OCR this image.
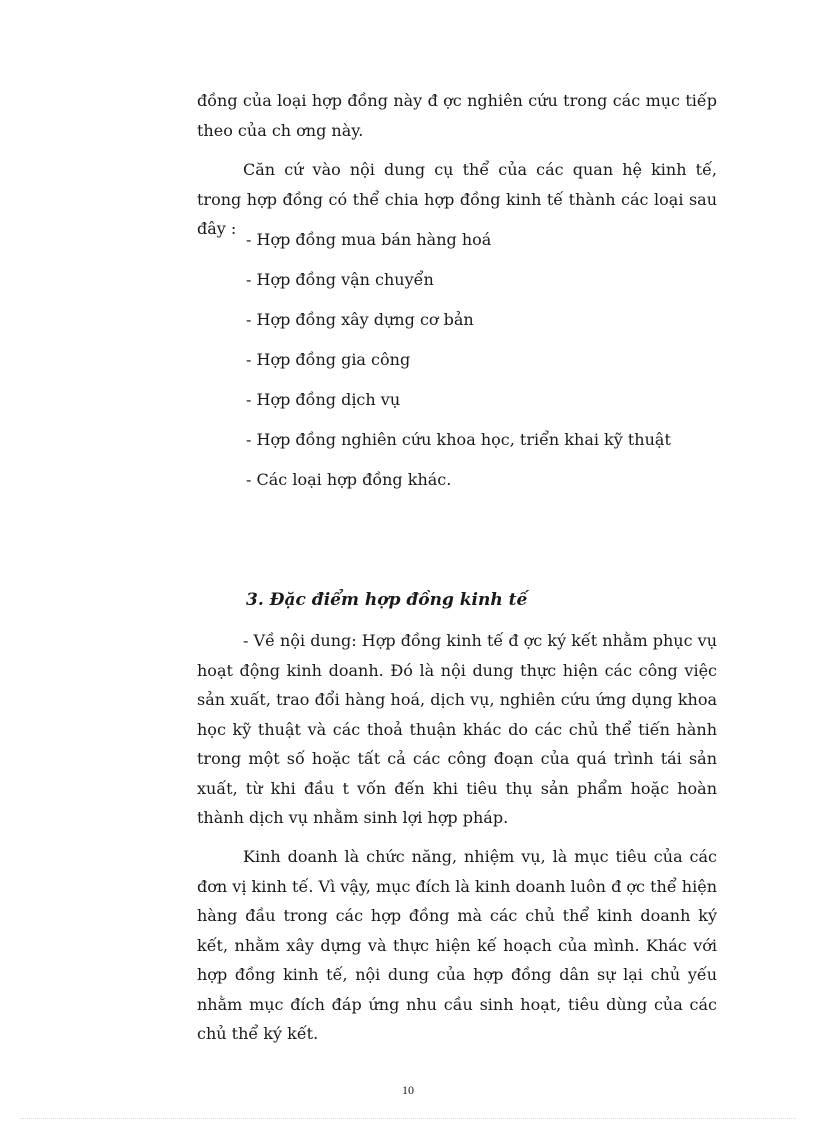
đồng của loại hợp đồng này đ ợc nghiên cứu trong các mục tiếp theo của ch ơng này.

Căn cứ vào nội dung cụ thể của các quan hệ kinh tế, trong hợp đồng có thể chia hợp đồng kinh tế thành các loại sau đây :

- Hợp đồng mua bán hàng hoá

- Hợp đồng vận chuyển

- Hợp đồng xây dựng cơ bản

- Hợp đồng gia công

- Hợp đồng dịch vụ

- Hợp đồng nghiên cứu khoa học, triển khai kỹ thuật

- Các loại hợp đồng khác.

3. Đặc điểm hợp đồng kinh tế

- Về nội dung: Hợp đồng kinh tế đ ợc ký kết nhằm phục vụ hoạt động kinh doanh. Đó là nội dung thực hiện các công việc sản xuất, trao đổi hàng hoá, dịch vụ, nghiên cứu ứng dụng khoa học kỹ thuật và các thoả thuận khác do các chủ thể tiến hành trong một số hoặc tất cả các công đoạn của quá trình tái sản xuất, từ khi đầu t vốn đến khi tiêu thụ sản phẩm hoặc hoàn thành dịch vụ nhằm sinh lợi hợp pháp.

Kinh doanh là chức năng, nhiệm vụ, là mục tiêu của các đơn vị kinh tế. Vì vậy, mục đích là kinh doanh luôn đ ợc thể hiện hàng đầu trong các hợp đồng mà các chủ thể kinh doanh ký kết, nhằm xây dựng và thực hiện kế hoạch của mình. Khác với hợp đồng kinh tế, nội dung của hợp đồng dân sự lại chủ yếu nhằm mục đích đáp ứng nhu cầu sinh hoạt, tiêu dùng của các chủ thể ký kết.

10
